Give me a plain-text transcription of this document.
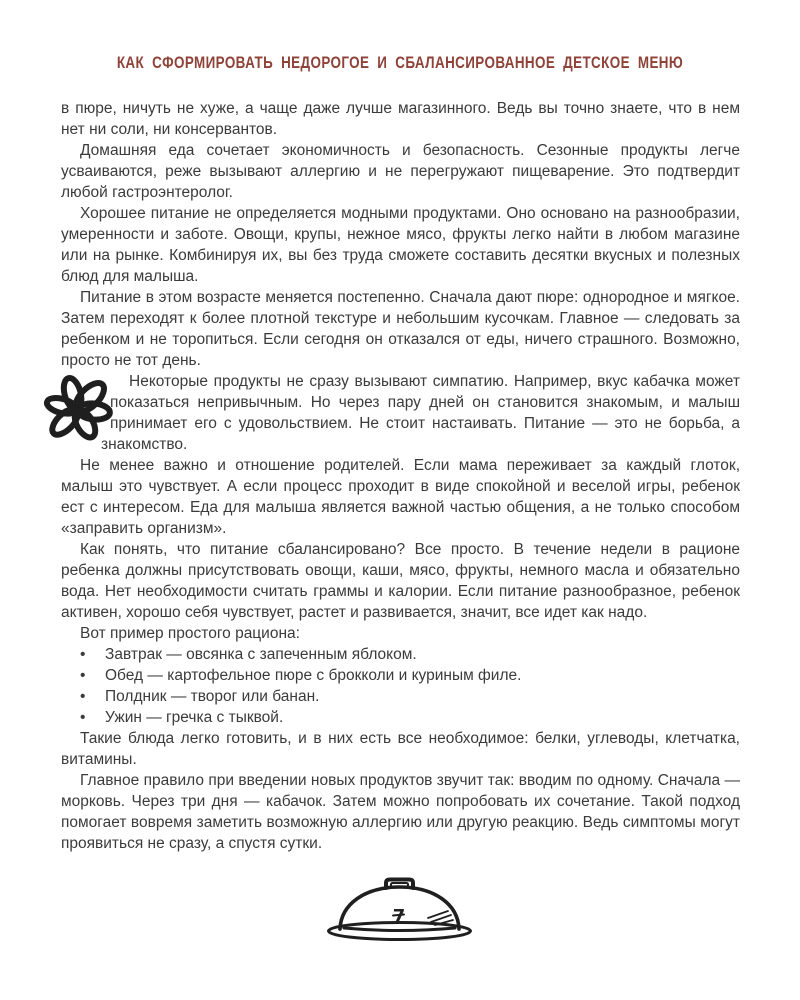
КАК СФОРМИРОВАТЬ НЕДОРОГОЕ И СБАЛАНСИРОВАННОЕ ДЕТСКОЕ МЕНЮ

в пюре, ничуть не хуже, а чаще даже лучше магазинного. Ведь вы точно знаете, что в нем нет ни соли, ни консервантов.

Домашняя еда сочетает экономичность и безопасность. Сезонные продукты легче усваиваются, реже вызывают аллергию и не перегружают пищеварение. Это подтвердит любой гастроэнтеролог.

Хорошее питание не определяется модными продуктами. Оно основано на разнообразии, умеренности и заботе. Овощи, крупы, нежное мясо, фрукты легко найти в любом магазине или на рынке. Комбинируя их, вы без труда сможете составить десятки вкусных и полезных блюд для малыша.

Питание в этом возрасте меняется постепенно. Сначала дают пюре: однородное и мягкое. Затем переходят к более плотной текстуре и небольшим кусочкам. Главное — следовать за ребенком и не торопиться. Если сегодня он отказался от еды, ничего страшного. Возможно, просто не тот день.

Некоторые продукты не сразу вызывают симпатию. Например, вкус кабачка может показаться непривычным. Но через пару дней он становится знакомым, и малыш принимает его с удовольствием. Не стоит настаивать. Питание — это не борьба, а знакомство.

Не менее важно и отношение родителей. Если мама переживает за каждый глоток, малыш это чувствует. А если процесс проходит в виде спокойной и веселой игры, ребенок ест с интересом. Еда для малыша является важной частью общения, а не только способом «заправить организм».

Как понять, что питание сбалансировано? Все просто. В течение недели в рационе ребенка должны присутствовать овощи, каши, мясо, фрукты, немного масла и обязательно вода. Нет необходимости считать граммы и калории. Если питание разнообразное, ребенок активен, хорошо себя чувствует, растет и развивается, значит, все идет как надо.

Вот пример простого рациона:

• Завтрак — овсянка с запеченным яблоком.
• Обед — картофельное пюре с брокколи и куриным филе.
• Полдник — творог или банан.
• Ужин — гречка с тыквой.

Такие блюда легко готовить, и в них есть все необходимое: белки, углеводы, клетчатка, витамины.

Главное правило при введении новых продуктов звучит так: вводим по одному. Сначала — морковь. Через три дня — кабачок. Затем можно попробовать их сочетание. Такой подход помогает вовремя заметить возможную аллергию или другую реакцию. Ведь симптомы могут проявиться не сразу, а спустя сутки.

7
